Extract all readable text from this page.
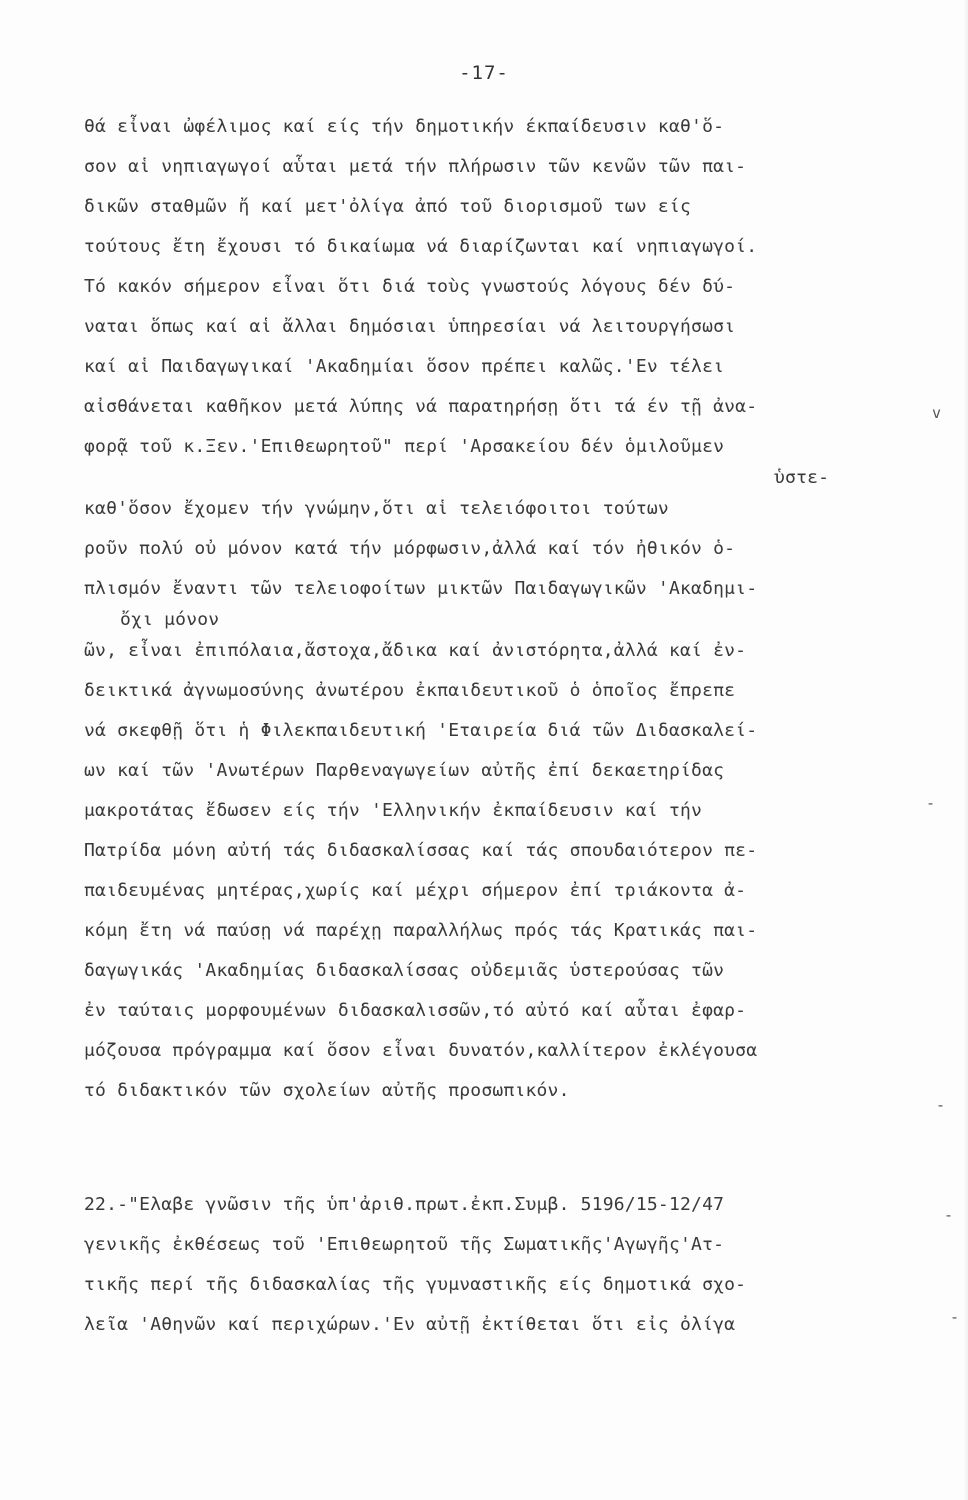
-17-
θά εἶναι ὠφέλιμος καί είς τήν δημοτικήν έκπαίδευσιν καθ'ὅ-
σον αἱ νηπιαγωγοί αὗται μετά τήν πλήρωσιν τῶν κενῶν τῶν παι-
δικῶν σταθμῶν ἤ καί μετ'ὀλίγα ἀπό τοῦ διορισμοῦ των είς
τούτους ἔτη ἔχουσι τό δικαίωμα νά διαρίζωνται καί νηπιαγωγοί.
Τό κακόν σήμερον εἶναι ὅτι διά τοὺς γνωστούς λόγους δέν δύ-
ναται ὅπως καί αἱ ἄλλαι δημόσιαι ὑπηρεσίαι νά λειτουργήσωσι
καί αἱ Παιδαγωγικαί 'Ακαδημίαι ὅσον πρέπει καλῶς.'Εν τέλει
αἰσθάνεται καθῆκον μετά λύπης νά παρατηρήσῃ ὅτι τά έν τῇ ἀνα-
φορᾷ τοῦ κ.Ξεν.'Επιθεωρητοῦ" περί 'Αρσακείου δέν ὁμιλοῦμεν
ὑστε-
καθ'ὅσον ἔχομεν τήν γνώμην,ὅτι αἱ τελειόφοιτοι τούτων
ροῦν πολύ οὐ μόνον κατά τήν μόρφωσιν,ἀλλά καί τόν ἠθικόν ὁ-
πλισμόν ἔναντι τῶν τελειοφοίτων μικτῶν Παιδαγωγικῶν 'Ακαδημι-
ὄχι μόνον
ῶν, εἶναι ἐπιπόλαια,ἄστοχα,ἄδικα καί ἀνιστόρητα,ἀλλά καί ἐν-
δεικτικά ἀγνωμοσύνης ἀνωτέρου ἐκπαιδευτικοῦ ὁ ὁποῖος ἔπρεπε
νά σκεφθῇ ὅτι ἡ Φιλεκπαιδευτική 'Εταιρεία διά τῶν Διδασκαλεί-
ων καί τῶν 'Ανωτέρων Παρθεναγωγείων αὐτῆς ἐπί δεκαετηρίδας
μακροτάτας ἔδωσεν είς τήν 'Ελληνικήν ἐκπαίδευσιν καί τήν
Πατρίδα μόνη αὐτή τάς διδασκαλίσσας καί τάς σπουδαιότερον πε-
παιδευμένας μητέρας,χωρίς καί μέχρι σήμερον ἐπί τριάκοντα ἀ-
κόμη ἔτη νά παύσῃ νά παρέχῃ παραλλήλως πρός τάς Κρατικάς παι-
δαγωγικάς 'Ακαδημίας διδασκαλίσσας οὐδεμιᾶς ὑστερούσας τῶν
ἐν ταύταις μορφουμένων διδασκαλισσῶν,τό αὐτό καί αὗται ἐφαρ-
μόζουσα πρόγραμμα καί ὅσον εἶναι δυνατόν,καλλίτερον ἐκλέγουσα
τό διδακτικόν τῶν σχολείων αὐτῆς προσωπικόν.
22.-"Ελαβε γνῶσιν τῆς ὑπ'ἀριθ.πρωτ.ἐκπ.Συμβ. 5196/15-12/47
γενικῆς ἐκθέσεως τοῦ 'Επιθεωρητοῦ τῆς Σωματικῆς'Αγωγῆς'Ατ-
τικῆς περί τῆς διδασκαλίας τῆς γυμναστικῆς είς δημοτικά σχο-
λεῖα 'Αθηνῶν καί περιχώρων.'Εν αὐτῇ ἐκτίθεται ὅτι εἰς ὀλίγα
v
-
-
-
-
